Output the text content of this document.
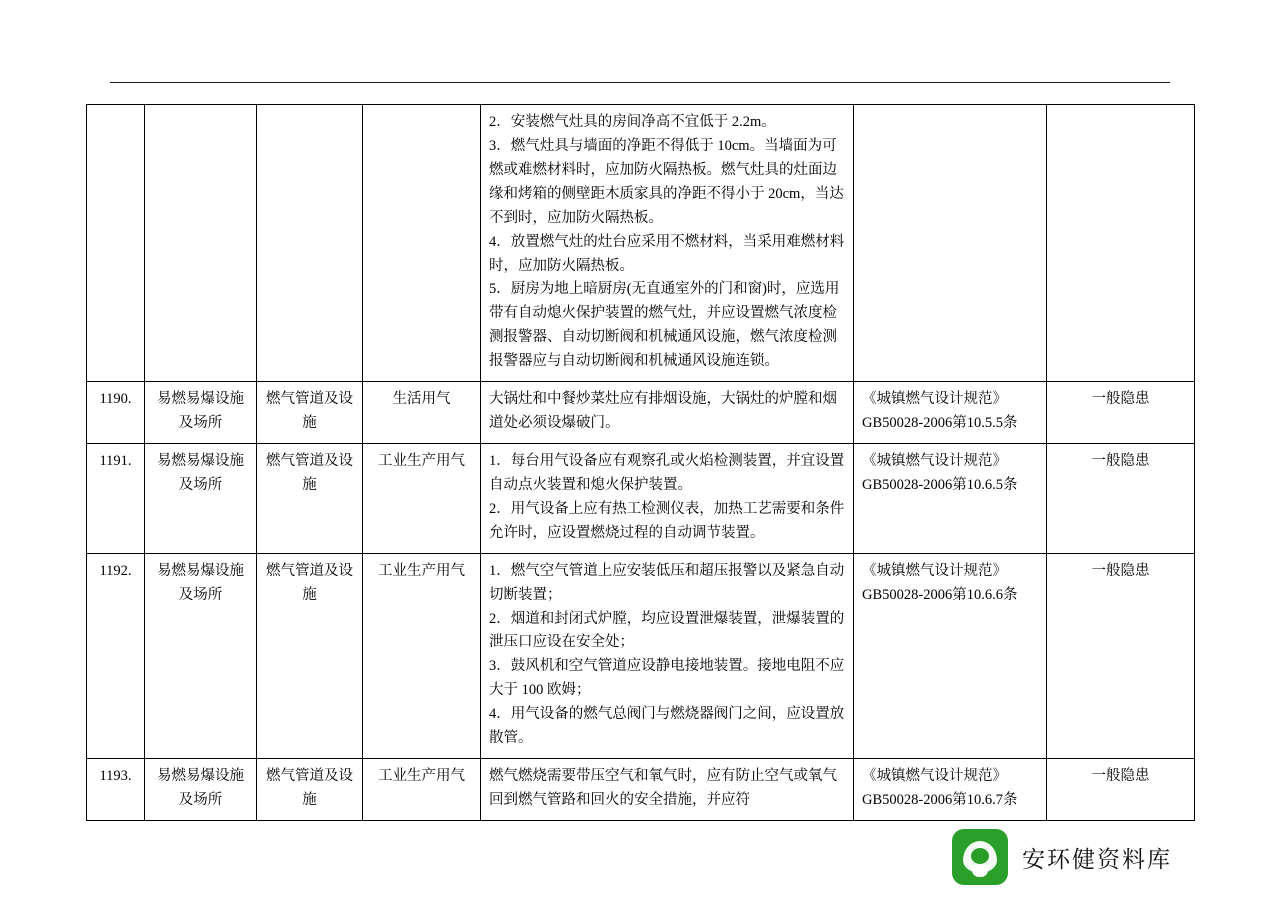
				2．安装燃气灶具的房间净高不宜低于 2.2m。

3．燃气灶具与墙面的净距不得低于 10cm。当墙面为可燃或难燃材料时，应加防火隔热板。燃气灶具的灶面边缘和烤箱的侧壁距木质家具的净距不得小于 20cm，当达不到时，应加防火隔热板。

4．放置燃气灶的灶台应采用不燃材料，当采用难燃材料时，应加防火隔热板。

5．厨房为地上暗厨房(无直通室外的门和窗)时，应选用带有自动熄火保护装置的燃气灶，并应设置燃气浓度检测报警器、自动切断阀和机械通风设施，燃气浓度检测报警器应与自动切断阀和机械通风设施连锁。		

1190.	易燃易爆设施及场所	燃气管道及设施	生活用气	大锅灶和中餐炒菜灶应有排烟设施，大锅灶的炉膛和烟道处必须设爆破门。	《城镇燃气设计规范》

GB50028-2006第10.5.5条	一般隐患
1191.	易燃易爆设施及场所	燃气管道及设施	工业生产用气	1．每台用气设备应有观察孔或火焰检测装置，并宜设置自动点火装置和熄火保护装置。

2．用气设备上应有热工检测仪表，加热工艺需要和条件允许时，应设置燃烧过程的自动调节装置。

《城镇燃气设计规范》

GB50028-2006第10.6.5条

	一般隐患
1192.	易燃易爆设施及场所	燃气管道及设施	工业生产用气	1．燃气空气管道上应安装低压和超压报警以及紧急自动切断装置；

2．烟道和封闭式炉膛，均应设置泄爆装置，泄爆装置的泄压口应设在安全处；

3．鼓风机和空气管道应设静电接地装置。接地电阻不应大于 100 欧姆；

4．用气设备的燃气总阀门与燃烧器阀门之间，应设置放散管。

《城镇燃气设计规范》

GB50028-2006第10.6.6条

	一般隐患
1193.	易燃易爆设施及场所	燃气管道及设施	工业生产用气	燃气燃烧需要带压空气和氧气时，应有防止空气或氧气回到燃气管路和回火的安全措施，并应符	《城镇燃气设计规范》

GB50028-2006第10.6.7条	一般隐患
安环健资料库
